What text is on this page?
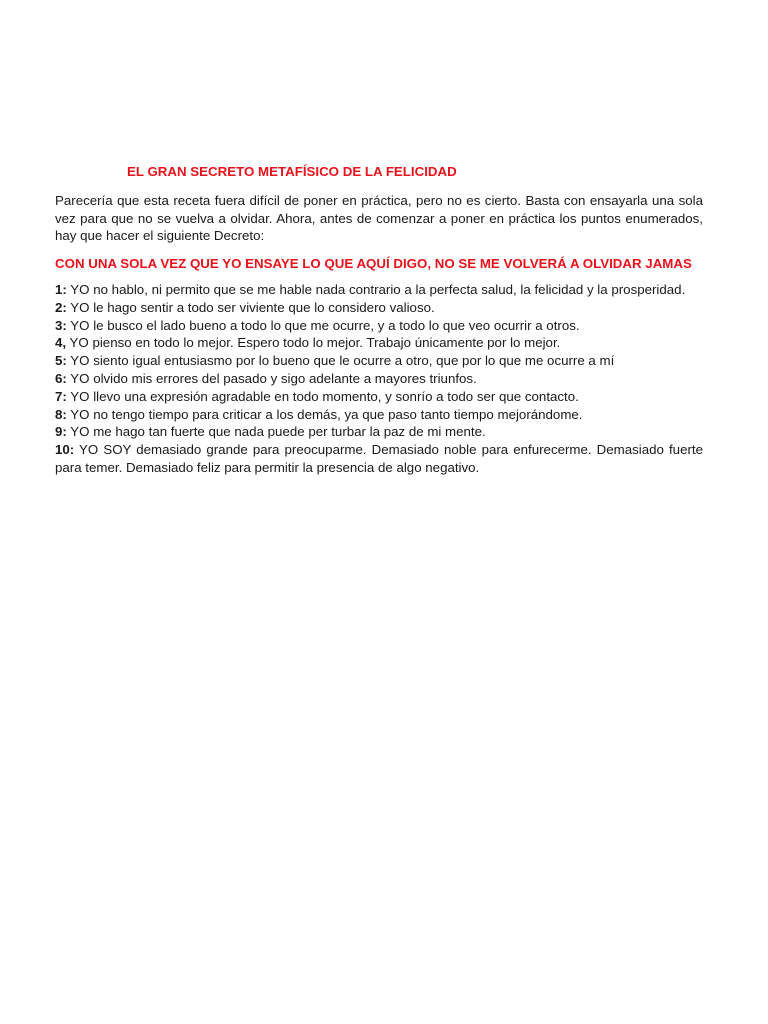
EL GRAN SECRETO METAFÍSICO DE LA FELICIDAD

Parecería que esta receta fuera difícil de poner en práctica, pero no es cierto. Basta con ensayarla una sola vez para que no se vuelva a olvidar. Ahora, antes de comenzar a poner en práctica los puntos enumerados, hay que hacer el siguiente Decreto:

CON UNA SOLA VEZ QUE YO ENSAYE LO QUE AQUÍ DIGO, NO SE ME VOLVERÁ A OLVIDAR JAMAS
1: YO no hablo, ni permito que se me hable nada contrario a la perfecta salud, la felicidad y la prosperidad.
2: YO le hago sentir a todo ser viviente que lo considero valioso.
3: YO le busco el lado bueno a todo lo que me ocurre, y a todo lo que veo ocurrir a otros.
4, YO pienso en todo lo mejor. Espero todo lo mejor. Trabajo únicamente por lo mejor.
5: YO siento igual entusiasmo por lo bueno que le ocurre a otro, que por lo que me ocurre a mí
6: YO olvido mis errores del pasado y sigo adelante a mayores triunfos.
7: YO llevo una expresión agradable en todo momento, y sonrío a todo ser que contacto.
8: YO no tengo tiempo para criticar a los demás, ya que paso tanto tiempo mejorándome.
9: YO me hago tan fuerte que nada puede per turbar la paz de mi mente.
10: YO SOY demasiado grande para preocuparme. Demasiado noble para enfurecerme. Demasiado fuerte para temer. Demasiado feliz para permitir la presencia de algo negativo.
